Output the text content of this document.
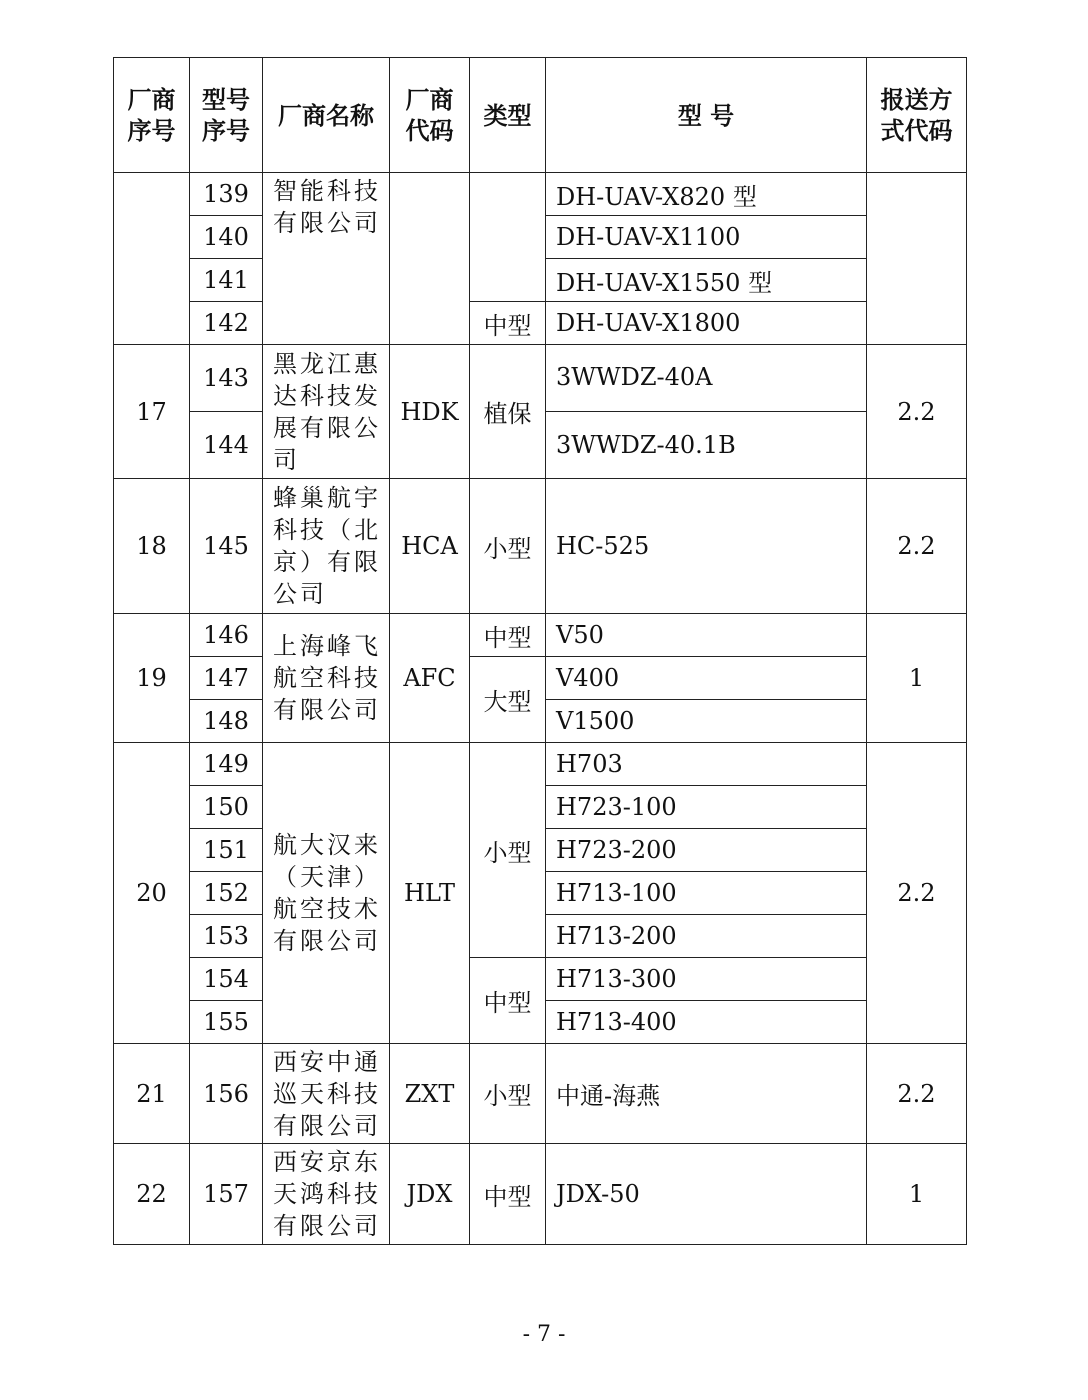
厂商序号	型号序号	厂商名称	厂商代码	类型	型 号	报送方式代码

	139	智能科技有限公司			DH-UAV-X820 型	
	140				DH-UAV-X1100	
	141				DH-UAV-X1550 型	
	142			中型	DH-UAV-X1800	
17	143	黑龙江惠达科技发展有限公司	HDK	植保	3WWDZ-40A	2.2
	144				3WWDZ-40.1B	
18	145	蜂巢航宇科技（北京）有限公司	HCA	小型	HC-525	2.2
19	146	上海峰飞航空科技有限公司	AFC	中型	V50	1
	147			大型	V400	
	148				V1500	
20	149	航大汉来（天津）航空技术有限公司	HLT	小型	H703	2.2
	150				H723-100	
	151				H723-200	
	152				H713-100	
	153				H713-200	
	154			中型	H713-300	
	155				H713-400	
21	156	西安中通巡天科技有限公司	ZXT	小型	中通-海燕	2.2
22	157	西安京东天鸿科技有限公司	JDX	中型	JDX-50	1
- 7 -
